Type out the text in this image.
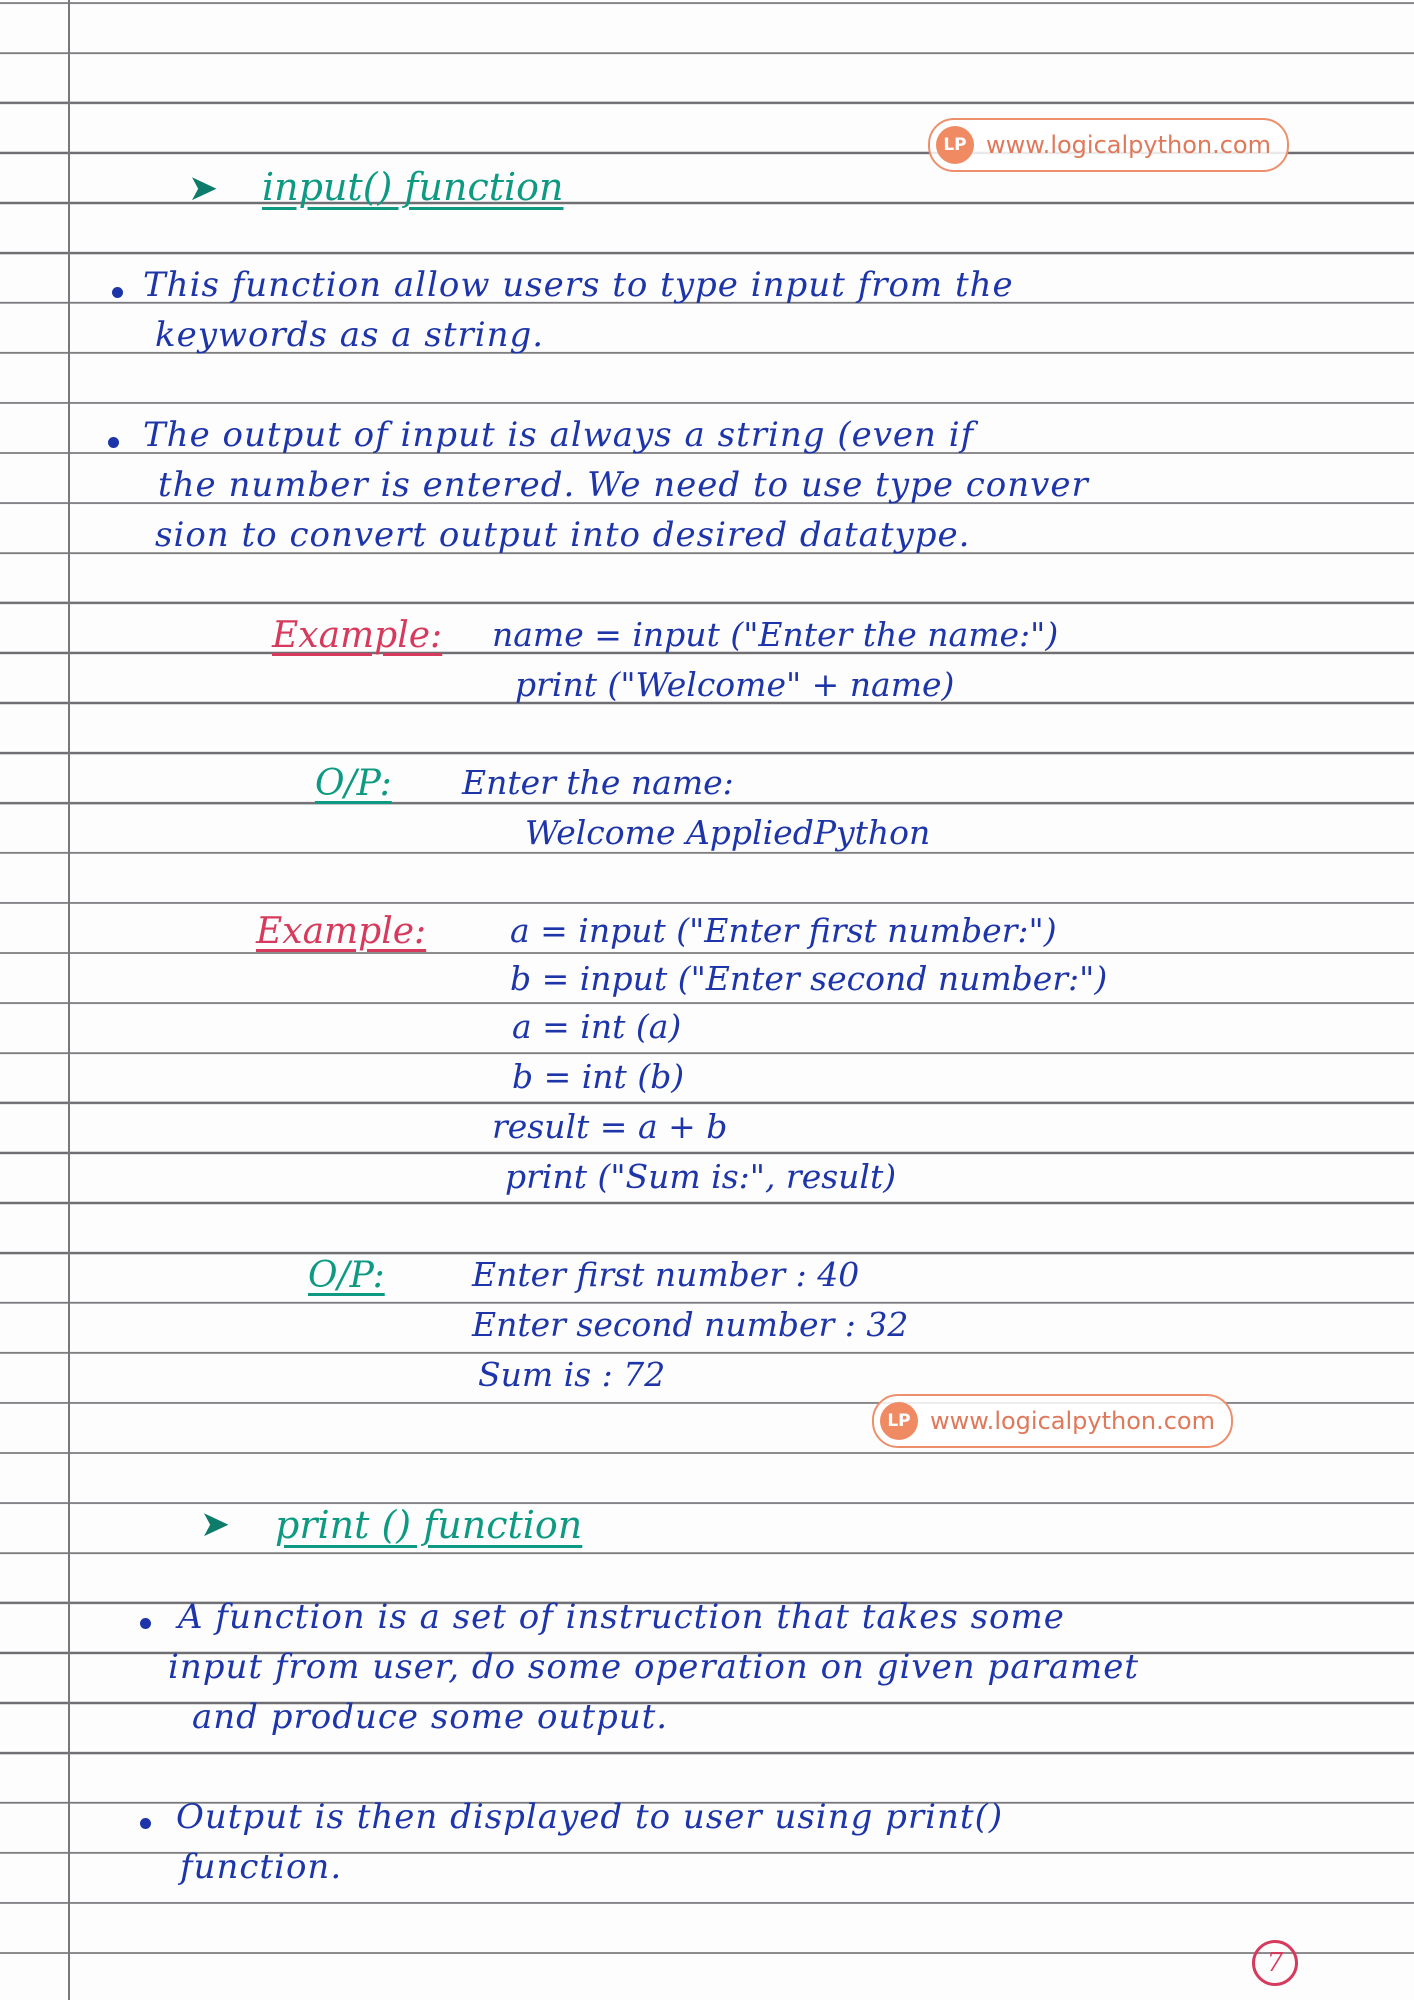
LP www.logicalpython.com
➤ input() function
This function allow users to type input from the
keywords as a string.
The output of input is always a string (even if
the number is entered. We need to use type conver
sion to convert output into desired datatype.
Example: name = input ("Enter the name:")
print ("Welcome" + name)
O/P: Enter the name:
Welcome AppliedPython
Example:	a = input ("Enter first number:")
b = input ("Enter second number:")
a = int (a)
b = int (b)
result = a + b
print ("Sum is:", result)
O/P:	Enter first number : 40
Enter second number : 32
Sum is : 72
LP www.logicalpython.com
➤ print () function
A function is a set of instruction that takes some
input from user, do some operation on given paramet
and produce some output.
Output is then displayed to user using print()
function.
7
